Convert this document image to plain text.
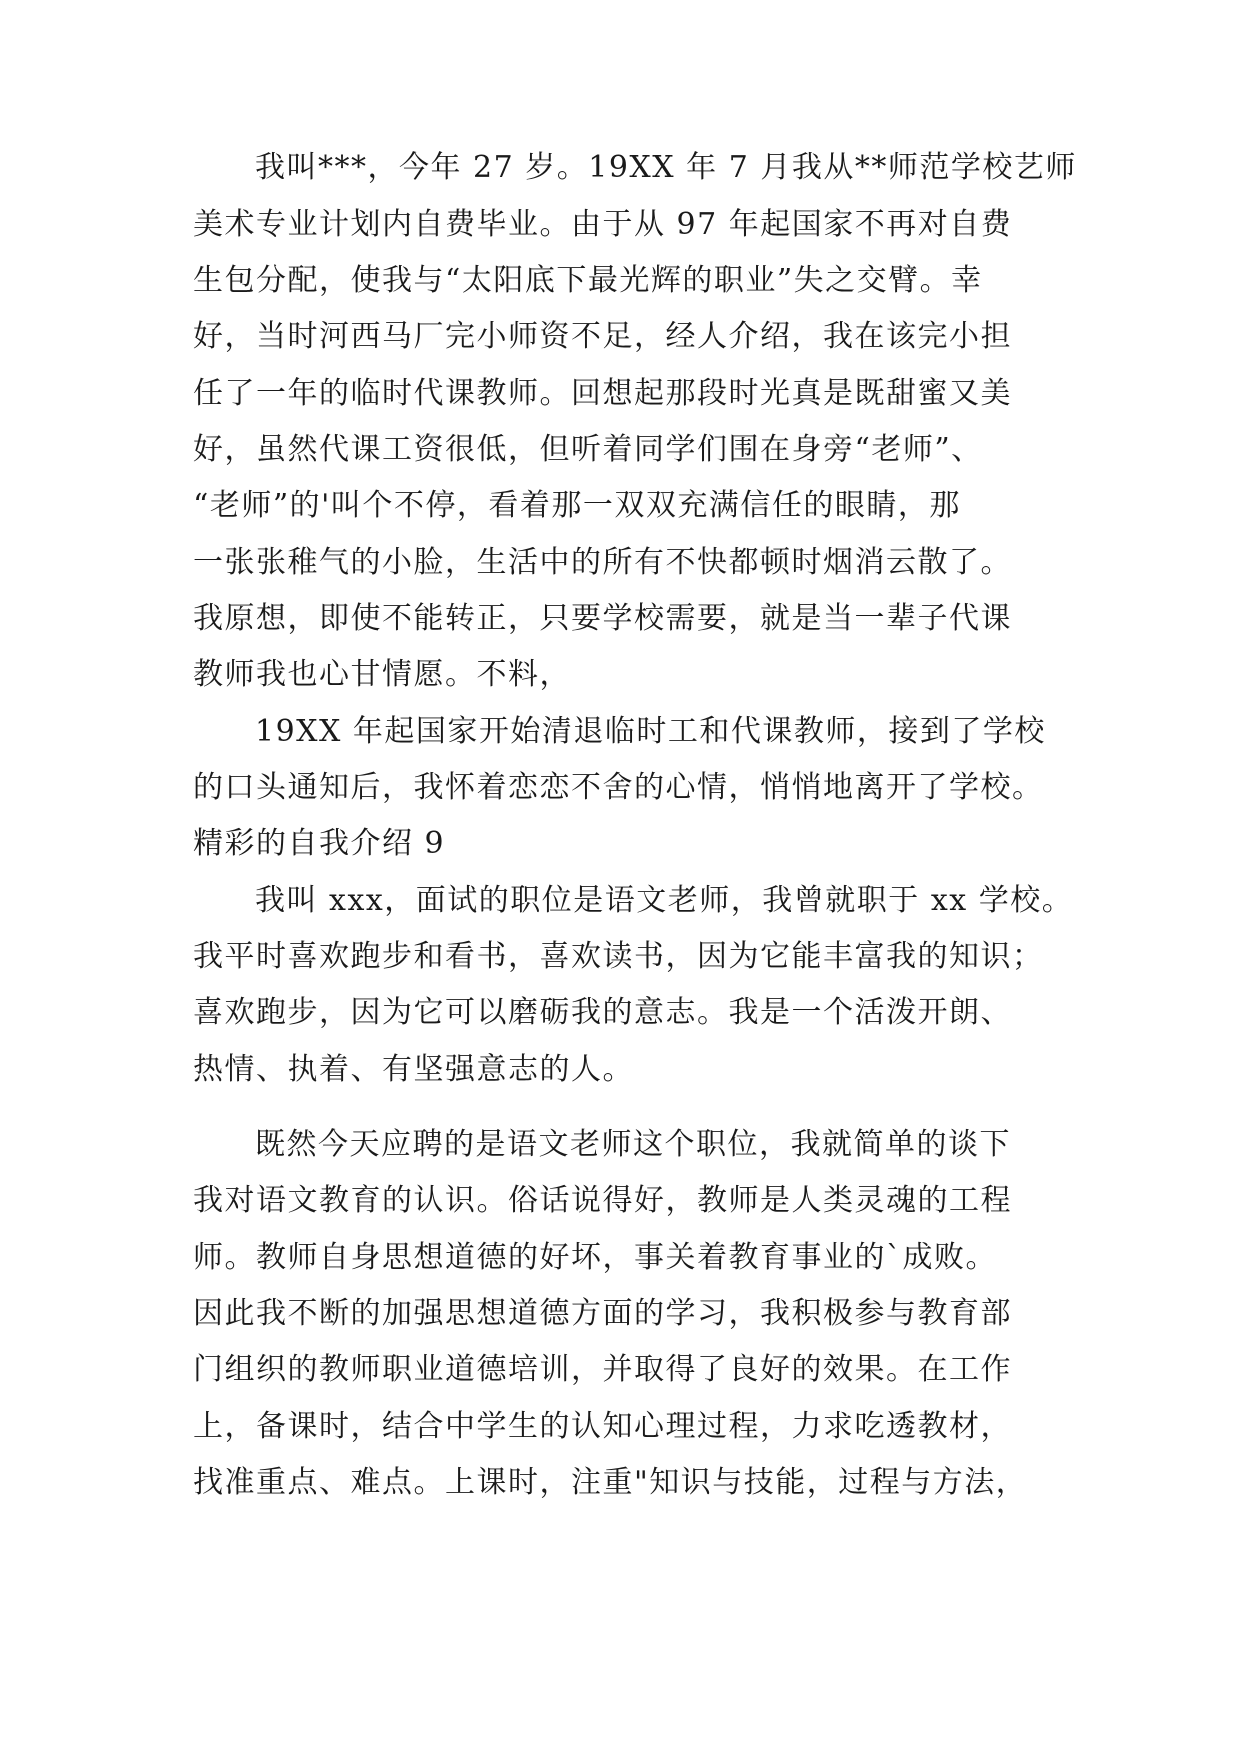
我叫***，今年 27 岁。19XX 年 7 月我从**师范学校艺师
美术专业计划内自费毕业。由于从 97 年起国家不再对自费
生包分配，使我与“太阳底下最光辉的职业”失之交臂。幸
好，当时河西马厂完小师资不足，经人介绍，我在该完小担
任了一年的临时代课教师。回想起那段时光真是既甜蜜又美
好，虽然代课工资很低，但听着同学们围在身旁“老师”、
“老师”的'叫个不停，看着那一双双充满信任的眼睛，那
一张张稚气的小脸，生活中的所有不快都顿时烟消云散了。
我原想，即使不能转正，只要学校需要，就是当一辈子代课
教师我也心甘情愿。不料，
19XX 年起国家开始清退临时工和代课教师，接到了学校
的口头通知后，我怀着恋恋不舍的心情，悄悄地离开了学校。
精彩的自我介绍 9
我叫 xxx，面试的职位是语文老师，我曾就职于 xx 学校。
我平时喜欢跑步和看书，喜欢读书，因为它能丰富我的知识；
喜欢跑步，因为它可以磨砺我的意志。我是一个活泼开朗、
热情、执着、有坚强意志的人。
既然今天应聘的是语文老师这个职位，我就简单的谈下
我对语文教育的认识。俗话说得好，教师是人类灵魂的工程
师。教师自身思想道德的好坏，事关着教育事业的`成败。
因此我不断的加强思想道德方面的学习，我积极参与教育部
门组织的教师职业道德培训，并取得了良好的效果。在工作
上，备课时，结合中学生的认知心理过程，力求吃透教材，
找准重点、难点。上课时，注重"知识与技能，过程与方法，
